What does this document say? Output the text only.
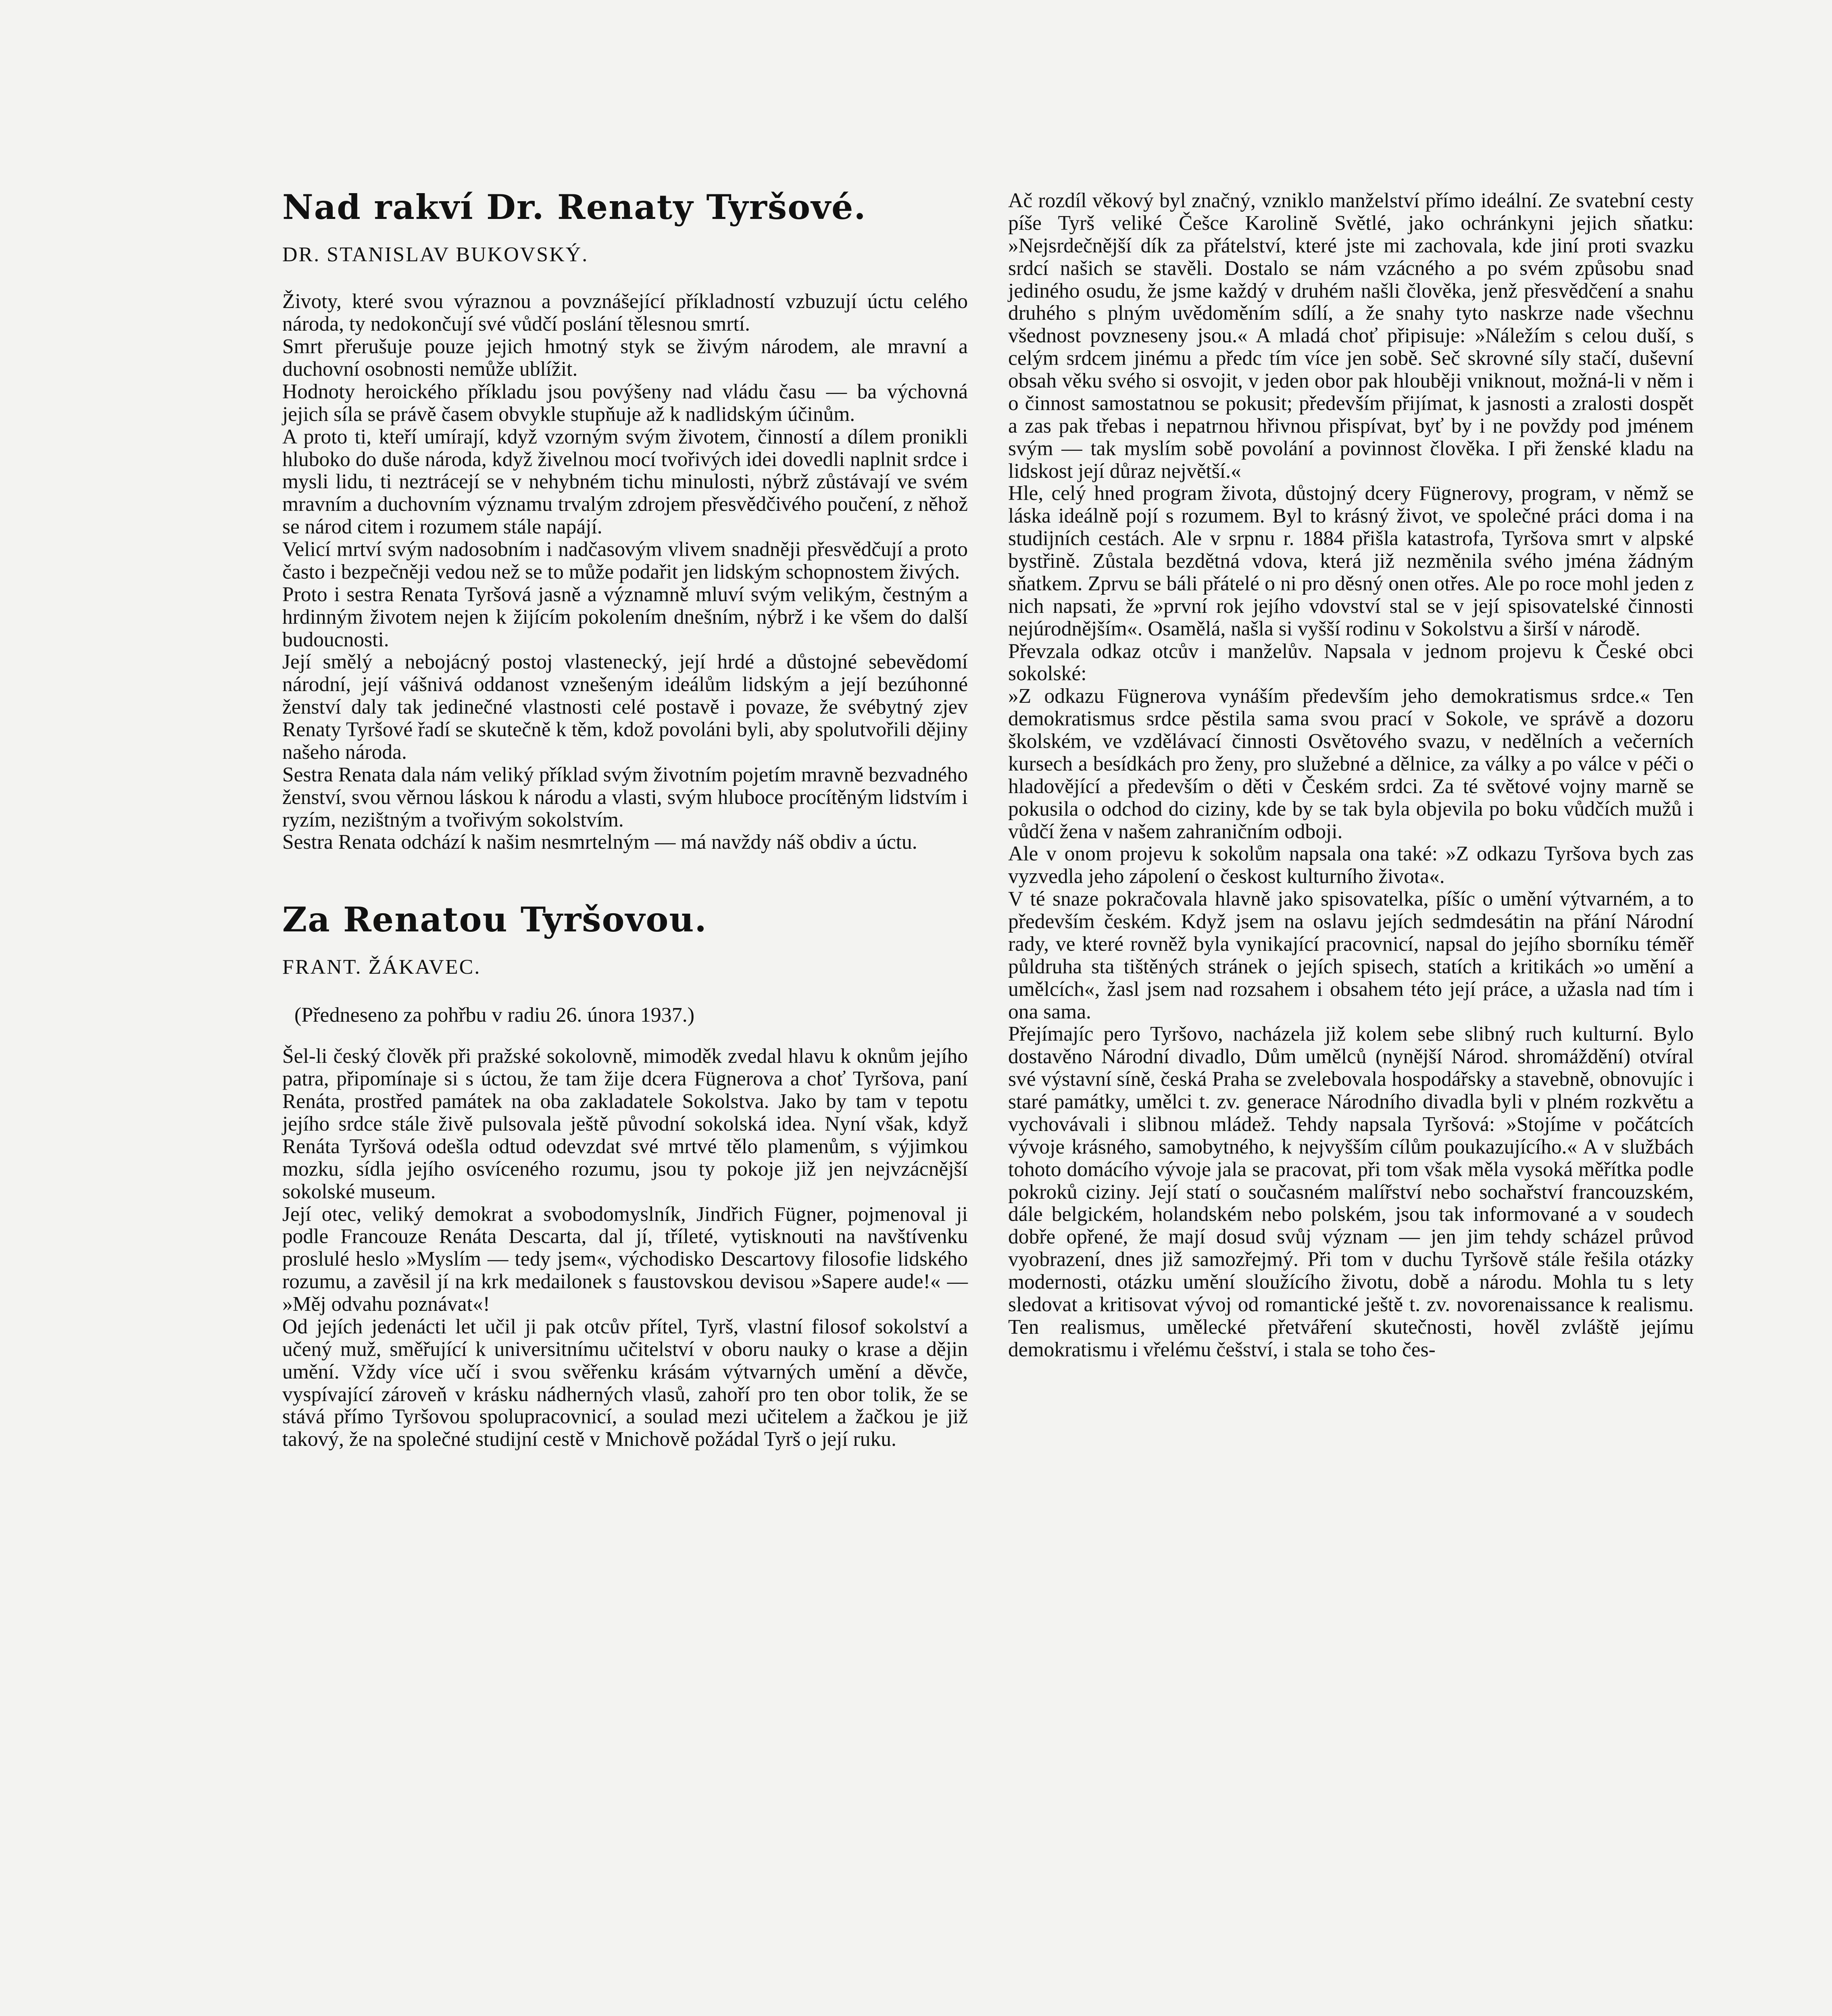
Nad rakví Dr. Renaty Tyršové.
DR. STANISLAV BUKOVSKÝ.

Životy, které svou výraznou a povznášející příkladností vzbuzují úctu celého národa, ty nedokončují své vůdčí poslání tělesnou smrtí.

Smrt přerušuje pouze jejich hmotný styk se živým národem, ale mravní a duchovní osobnosti nemůže ublížit.

Hodnoty heroického příkladu jsou povýšeny nad vládu času — ba výchovná jejich síla se právě časem obvykle stupňuje až k nadlidským účinům.

A proto ti, kteří umírají, když vzorným svým životem, činností a dílem pronikli hluboko do duše národa, když živelnou mocí tvořivých idei dovedli naplnit srdce i mysli lidu, ti neztrácejí se v nehybném tichu minulosti, nýbrž zůstávají ve svém mravním a duchovním významu trvalým zdrojem přesvědčivého poučení, z něhož se národ citem i rozumem stále napájí.

Velicí mrtví svým nadosobním i nadčasovým vlivem snadněji přesvědčují a proto často i bezpečněji vedou než se to může podařit jen lidským schopnostem živých.

Proto i sestra Renata Tyršová jasně a významně mluví svým velikým, čestným a hrdinným životem nejen k žijícím pokolením dnešním, nýbrž i ke všem do další budoucnosti.

Její smělý a nebojácný postoj vlastenecký, její hrdé a důstojné sebevědomí národní, její vášnivá oddanost vznešeným ideálům lidským a její bezúhonné ženství daly tak jedinečné vlastnosti celé postavě i povaze, že svébytný zjev Renaty Tyršové řadí se skutečně k těm, kdož povoláni byli, aby spolutvořili dějiny našeho národa.

Sestra Renata dala nám veliký příklad svým životním pojetím mravně bezvadného ženství, svou věrnou láskou k národu a vlasti, svým hluboce procítěným lidstvím i ryzím, nezištným a tvořivým sokolstvím.

Sestra Renata odchází k našim nesmrtelným — má navždy náš obdiv a úctu.

Za Renatou Tyršovou.
FRANT. ŽÁKAVEC.
(Předneseno za pohřbu v radiu 26. února 1937.)

Šel-li český člověk při pražské sokolovně, mimoděk zvedal hlavu k oknům jejího patra, připomínaje si s úctou, že tam žije dcera Fügnerova a choť Tyršova, paní Renáta, prostřed památek na oba zakladatele Sokolstva. Jako by tam v tepotu jejího srdce stále živě pulsovala ještě původní sokolská idea. Nyní však, když Renáta Tyršová odešla odtud odevzdat své mrtvé tělo plamenům, s výjimkou mozku, sídla jejího osvíceného rozumu, jsou ty pokoje již jen nejvzácnější sokolské museum.

Její otec, veliký demokrat a svobodomyslník, Jindřich Fügner, pojmenoval ji podle Francouze Renáta Descarta, dal jí, tříleté, vytisknouti na navštívenku proslulé heslo »Myslím — tedy jsem«, východisko Descartovy filosofie lidského rozumu, a zavěsil jí na krk medailonek s faustovskou devisou »Sapere aude!« — »Měj odvahu poznávat«!

Od jejích jedenácti let učil ji pak otcův přítel, Tyrš, vlastní filosof sokolství a učený muž, směřující k universitnímu učitelství v oboru nauky o krase a dějin umění. Vždy více učí i svou svěřenku krásám výtvarných umění a děvče, vyspívající zároveň v krásku nádherných vlasů, zahoří pro ten obor tolik, že se stává přímo Tyršovou spolupracovnicí, a soulad mezi učitelem a žačkou je již takový, že na společné studijní cestě v Mnichově požádal Tyrš o její ruku.

Ač rozdíl věkový byl značný, vzniklo manželství přímo ideální. Ze svatební cesty píše Tyrš veliké Češce Karolině Světlé, jako ochránkyni jejich sňatku: »Nejsrdečnější dík za přátelství, které jste mi zachovala, kde jiní proti svazku srdcí našich se stavěli. Dostalo se nám vzácného a po svém způsobu snad jediného osudu, že jsme každý v druhém našli člověka, jenž přesvědčení a snahu druhého s plným uvědoměním sdílí, a že snahy tyto naskrze nade všechnu všednost povzneseny jsou.« A mladá choť připisuje: »Náležím s celou duší, s celým srdcem jinému a předc tím více jen sobě. Seč skrovné síly stačí, duševní obsah věku svého si osvojit, v jeden obor pak hlouběji vniknout, možná-li v něm i o činnost samostatnou se pokusit; především přijímat, k jasnosti a zralosti dospět a zas pak třebas i nepatrnou hřivnou přispívat, byť by i ne povždy pod jménem svým — tak myslím sobě povolání a povinnost člověka. I při ženské kladu na lidskost její důraz největší.«

Hle, celý hned program života, důstojný dcery Fügnerovy, program, v němž se láska ideálně pojí s rozumem. Byl to krásný život, ve společné práci doma i na studijních cestách. Ale v srpnu r. 1884 přišla katastrofa, Tyršova smrt v alpské bystřině. Zůstala bezdětná vdova, která již nezměnila svého jména žádným sňatkem. Zprvu se báli přátelé o ni pro děsný onen otřes. Ale po roce mohl jeden z nich napsati, že »první rok jejího vdovství stal se v její spisovatelské činnosti nejúrodnějším«. Osamělá, našla si vyšší rodinu v Sokolstvu a širší v národě.

Převzala odkaz otcův i manželův. Napsala v jednom projevu k České obci sokolské:

»Z odkazu Fügnerova vynáším především jeho demokratismus srdce.« Ten demokratismus srdce pěstila sama svou prací v Sokole, ve správě a dozoru školském, ve vzdělávací činnosti Osvětového svazu, v nedělních a večerních kursech a besídkách pro ženy, pro služebné a dělnice, za války a po válce v péči o hladovějící a především o děti v Českém srdci. Za té světové vojny marně se pokusila o odchod do ciziny, kde by se tak byla objevila po boku vůdčích mužů i vůdčí žena v našem zahraničním odboji.

Ale v onom projevu k sokolům napsala ona také: »Z odkazu Tyršova bych zas vyzvedla jeho zápolení o českost kulturního života«.

V té snaze pokračovala hlavně jako spisovatelka, píšíc o umění výtvarném, a to především českém. Když jsem na oslavu jejích sedmdesátin na přání Národní rady, ve které rovněž byla vynikající pracovnicí, napsal do jejího sborníku téměř půldruha sta tištěných stránek o jejích spisech, statích a kritikách »o umění a umělcích«, žasl jsem nad rozsahem i obsahem této její práce, a užasla nad tím i ona sama.

Přejímajíc pero Tyršovo, nacházela již kolem sebe slibný ruch kulturní. Bylo dostavěno Národní divadlo, Dům umělců (nynější Národ. shromáždění) otvíral své výstavní síně, česká Praha se zvelebovala hospodářsky a stavebně, obnovujíc i staré památky, umělci t. zv. generace Národního divadla byli v plném rozkvětu a vychovávali i slibnou mládež. Tehdy napsala Tyršová: »Stojíme v počátcích vývoje krásného, samobytného, k nejvyšším cílům poukazujícího.« A v službách tohoto domácího vývoje jala se pracovat, při tom však měla vysoká měřítka podle pokroků ciziny. Její statí o současném malířství nebo sochařství francouzském, dále belgickém, holandském nebo polském, jsou tak informované a v soudech dobře opřené, že mají dosud svůj význam — jen jim tehdy scházel průvod vyobrazení, dnes již samozřejmý. Při tom v duchu Tyršově stále řešila otázky modernosti, otázku umění sloužícího životu, době a národu. Mohla tu s lety sledovat a kritisovat vývoj od romantické ještě t. zv. novorenaissance k realismu. Ten realismus, umělecké přetváření skutečnosti, hověl zvláště jejímu demokratismu i vřelému češství, i stala se toho čes-
